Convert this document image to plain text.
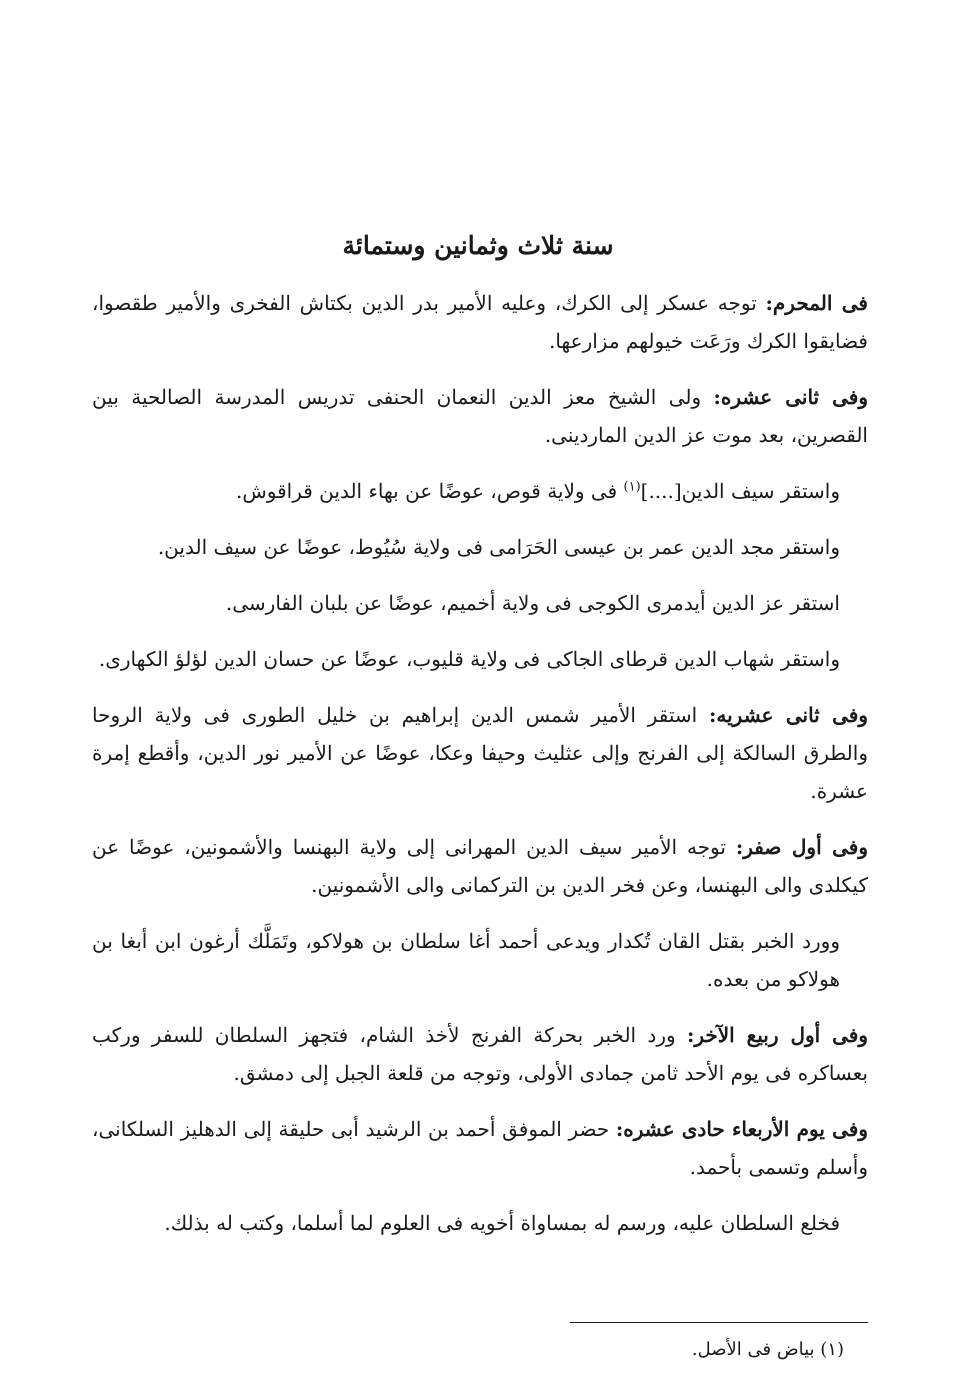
سنة ثلاث وثمانين وستمائة

فى المحرم: توجه عسكر إلى الكرك، وعليه الأمير بدر الدين بكتاش الفخرى والأمير طقصوا، فضايقوا الكرك ورَعَت خيولهم مزارعها.

وفى ثانى عشره: ولى الشيخ معز الدين النعمان الحنفى تدريس المدرسة الصالحية بين القصرين، بعد موت عز الدين الماردينى.

واستقر سيف الدين[....]$^{(١)}$ فى ولاية قوص، عوضًا عن بهاء الدين قراقوش.

واستقر مجد الدين عمر بن عيسى الحَرَامى فى ولاية سُيُوط، عوضًا عن سيف الدين.

استقر عز الدين أيدمرى الكوجى فى ولاية أخميم، عوضًا عن بلبان الفارسى.

واستقر شهاب الدين قرطاى الجاكى فى ولاية قليوب، عوضًا عن حسان الدين لؤلؤ الكهارى.

وفى ثانى عشريه: استقر الأمير شمس الدين إبراهيم بن خليل الطورى فى ولاية الروحا والطرق السالكة إلى الفرنج وإلى عثليث وحيفا وعكا، عوضًا عن الأمير نور الدين، وأقطع إمرة عشرة.

وفى أول صفر: توجه الأمير سيف الدين المهرانى إلى ولاية البهنسا والأشمونين، عوضًا عن كيكلدى والى البهنسا، وعن فخر الدين بن التركمانى والى الأشمونين.

وورد الخبر بقتل القان تُكدار ويدعى أحمد أغا سلطان بن هولاكو، وتَمَلَّك أرغون ابن أبغا بن هولاكو من بعده.

وفى أول ربيع الآخر: ورد الخبر بحركة الفرنج لأخذ الشام، فتجهز السلطان للسفر وركب بعساكره فى يوم الأحد ثامن جمادى الأولى، وتوجه من قلعة الجبل إلى دمشق.

وفى يوم الأربعاء حادى عشره: حضر الموفق أحمد بن الرشيد أبى حليقة إلى الدهليز السلكانى، وأسلم وتسمى بأحمد.

فخلع السلطان عليه، ورسم له بمساواة أخويه فى العلوم لما أسلما، وكتب له بذلك.

(١) بياض فى الأصل.
